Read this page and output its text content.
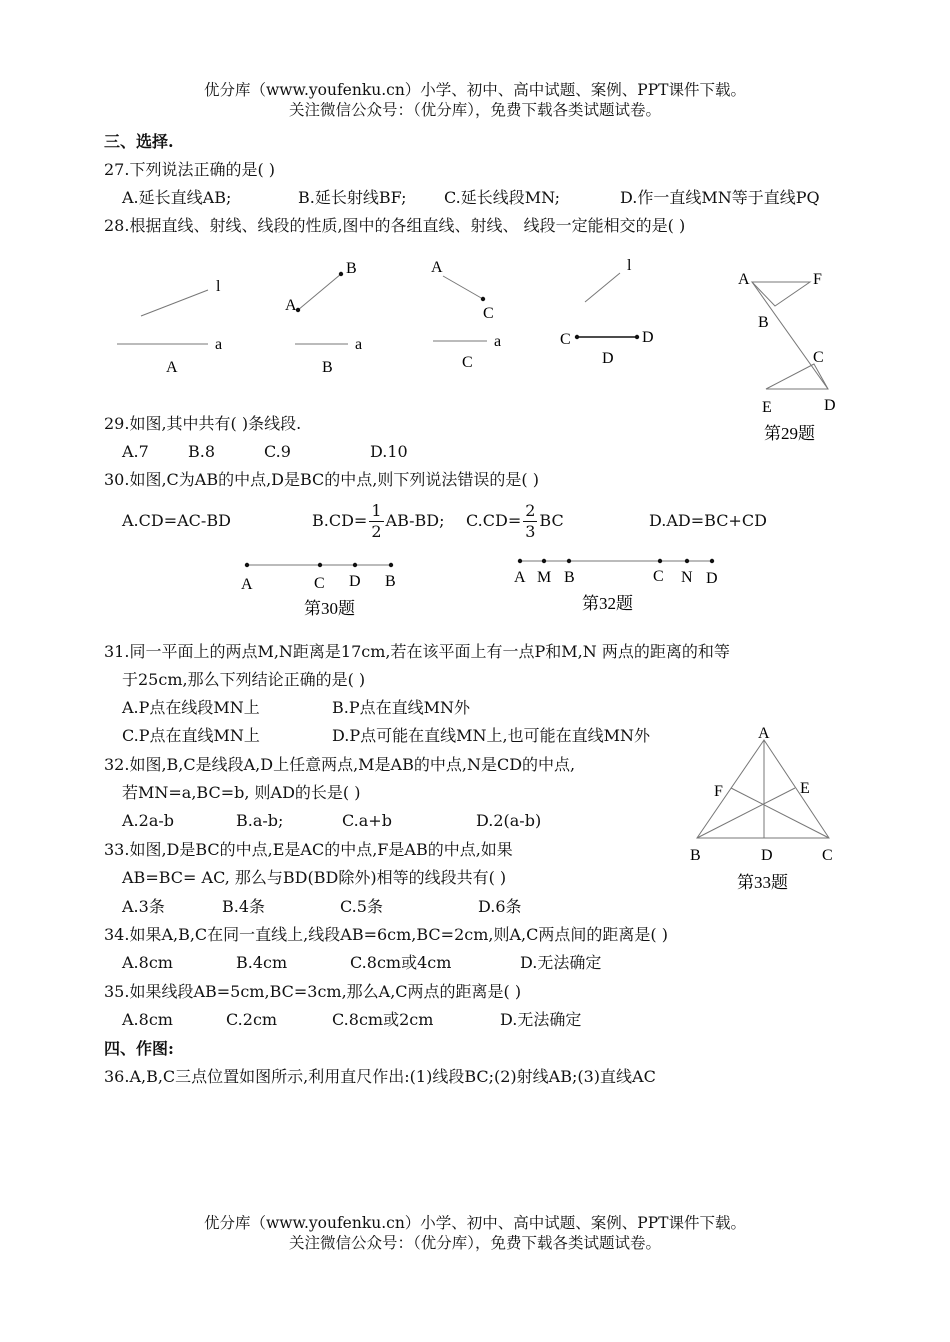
优分库（www.youfenku.cn）小学、初中、高中试题、案例、PPT课件下载。
关注微信公众号：（优分库），免费下载各类试题试卷。
三、选择.
27.下列说法正确的是( )
A.延长直线AB;	B.延长射线BF; C.延长线段MN;	D.作一直线MN等于直线PQ
28.根据直线、射线、线段的性质,图中的各组直线、射线、 线段一定能相交的是( )
l
a
A
A
B
a
B
A
C
a
C
l
C	D
D
A	F
B
C
E	D
第29题
29.如图,其中共有( )条线段.
A.7 B.8	C.9	D.10
30.如图,C为AB的中点,D是BC的中点,则下列说法错误的是( )
A.CD=AC-BD	$B.CD= \frac{1}{2} AB-BD$; $C.CD= \frac{2}{3}$ BC	D.AD=BC+CD
A	C D B
第30题
A M B	C N D
第32题
31.同一平面上的两点M,N距离是17cm,若在该平面上有一点P和M,N 两点的距离的和等
于25cm,那么下列结论正确的是( )
A.P点在线段MN上	B.P点在直线MN外
C.P点在直线MN上	D.P点可能在直线MN上,也可能在直线MN外	A
F	E
B	D	C
第33题
32.如图,B,C是线段A,D上任意两点,M是AB的中点,N是CD的中点,
若MN=a,BC=b, 则AD的长是( )
A.2a-b	B.a-b;	C.a+b	D.2(a-b)
33.如图,D是BC的中点,E是AC的中点,F是AB的中点,如果
AB=BC= AC, 那么与BD(BD除外)相等的线段共有( )
A.3条	B.4条	C.5条	D.6条
34.如果A,B,C在同一直线上,线段AB=6cm,BC=2cm,则A,C两点间的距离是( )
A.8cm	B.4cm	C.8cm或4cm	D.无法确定
35.如果线段AB=5cm,BC=3cm,那么A,C两点的距离是( )
A.8cm	C.2cm	C.8cm或2cm	D.无法确定
四、作图:
36.A,B,C三点位置如图所示,利用直尺作出:(1)线段BC;(2)射线AB;(3)直线AC
优分库（www.youfenku.cn）小学、初中、高中试题、案例、PPT课件下载。
关注微信公众号：（优分库），免费下载各类试题试卷。
